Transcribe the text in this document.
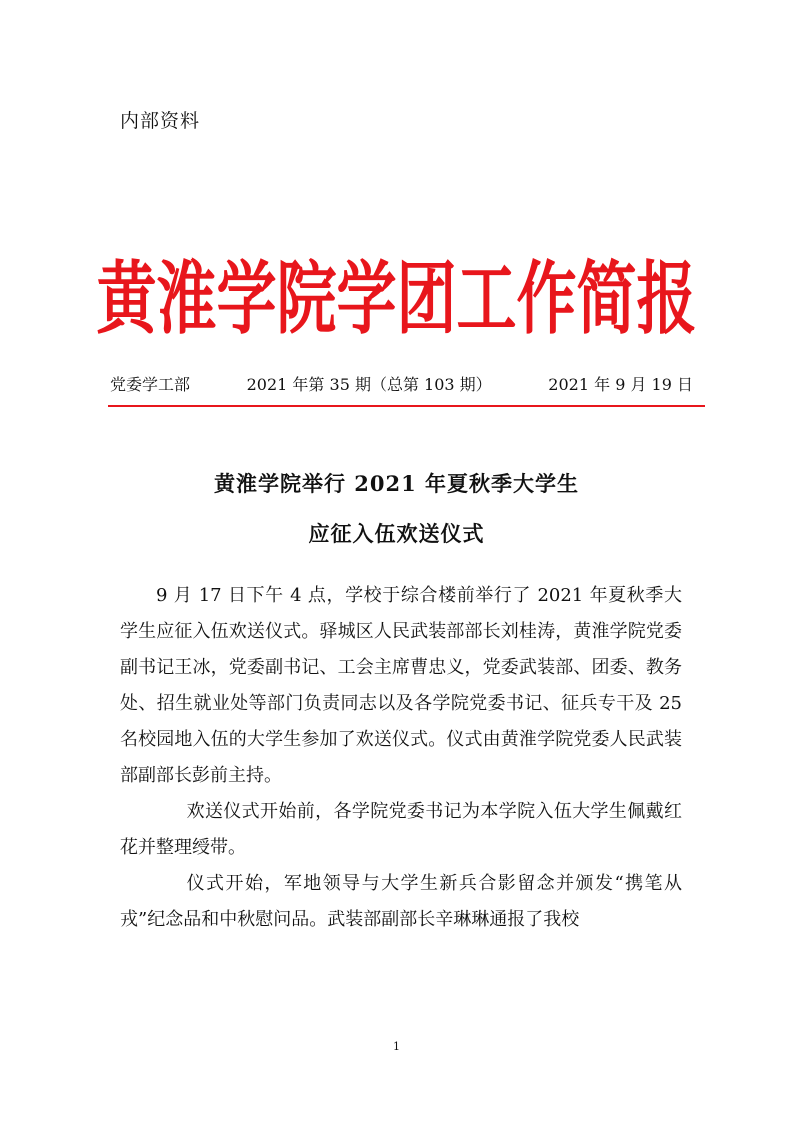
内部资料
黄淮学院学团工作简报
党委学工部	2021 年第 35 期（总第 103 期）	2021 年 9 月 19 日
黄淮学院举行 2021 年夏秋季大学生
应征入伍欢送仪式

9 月 17 日下午 4 点，学校于综合楼前举行了 2021 年夏秋季大学生应征入伍欢送仪式。驿城区人民武装部部长刘桂涛，黄淮学院党委副书记王冰，党委副书记、工会主席曹忠义，党委武装部、团委、教务处、招生就业处等部门负责同志以及各学院党委书记、征兵专干及 25 名校园地入伍的大学生参加了欢送仪式。仪式由黄淮学院党委人民武装部副部长彭前主持。

欢送仪式开始前，各学院党委书记为本学院入伍大学生佩戴红花并整理绶带。

仪式开始，军地领导与大学生新兵合影留念并颁发“携笔从戎”纪念品和中秋慰问品。武装部副部长辛琳琳通报了我校

1
